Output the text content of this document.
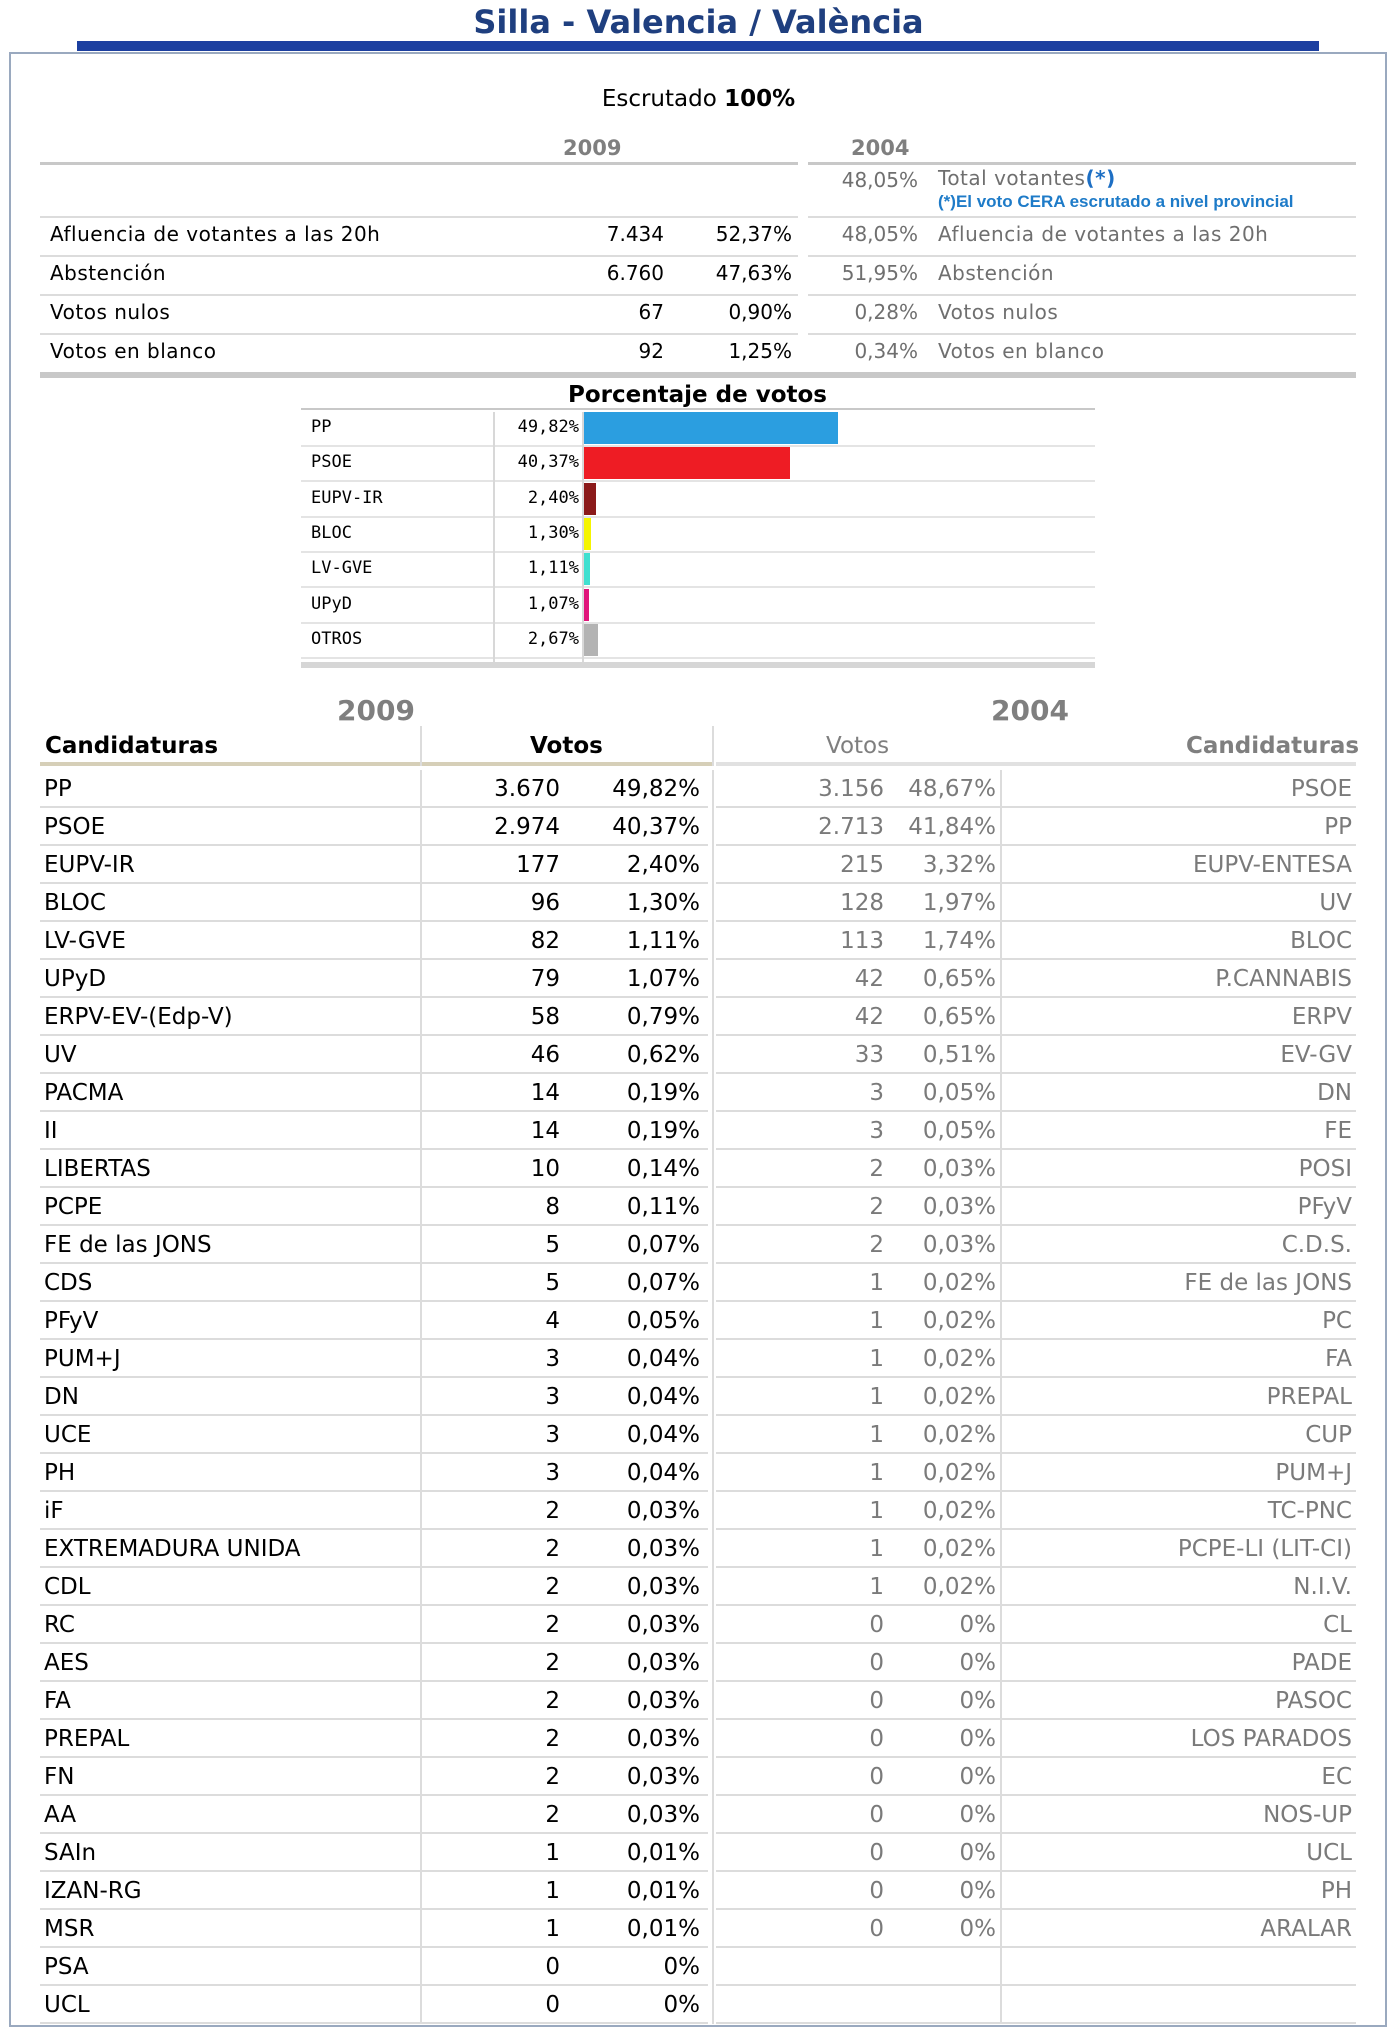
Silla - Valencia / València
Escrutado 100%
2009	2004
48,05% Total votantes(*)
(*)El voto CERA escrutado a nivel provincial
Porcentaje de votos
PP	49,82%
PSOE	40,37%
EUPV-IR	2,40%
BLOC	1,30%
LV-GVE	1,11%
UPyD	1,07%
OTROS	2,67%
2009	2004
Candidaturas	Votos	Votos	Candidaturas
PP	3.670	49,82%	3.156	48,67%	PSOE
PSOE	2.974	40,37%	2.713	41,84%	PP
EUPV-IR	177	2,40%	215	3,32%	EUPV-ENTESA
BLOC	96	1,30%	128	1,97%	UV
LV-GVE	82	1,11%	113	1,74%	BLOC
UPyD	79	1,07%	42	0,65%	P.CANNABIS
ERPV-EV-(Edp-V)	58	0,79%	42	0,65%	ERPV
UV	46	0,62%	33	0,51%	EV-GV
PACMA	14	0,19%	3	0,05%	DN
II	14	0,19%	3	0,05%	FE
LIBERTAS	10	0,14%	2	0,03%	POSI
PCPE	8	0,11%	2	0,03%	PFyV
FE de las JONS	5	0,07%	2	0,03%	C.D.S.
CDS	5	0,07%	1	0,02%	FE de las JONS
PFyV	4	0,05%	1	0,02%	PC
PUM+J	3	0,04%	1	0,02%	FA
DN	3	0,04%	1	0,02%	PREPAL
UCE	3	0,04%	1	0,02%	CUP
PH	3	0,04%	1	0,02%	PUM+J
iF	2	0,03%	1	0,02%	TC-PNC
EXTREMADURA UNIDA	2	0,03%	1	0,02%	PCPE-LI (LIT-CI)
CDL	2	0,03%	1	0,02%	N.I.V.
RC	2	0,03%	0	0%	CL
AES	2	0,03%	0	0%	PADE
FA	2	0,03%	0	0%	PASOC
PREPAL	2	0,03%	0	0%	LOS PARADOS
FN	2	0,03%	0	0%	EC
AA	2	0,03%	0	0%	NOS-UP
SAIn	1	0,01%	0	0%	UCL
IZAN-RG	1	0,01%	0	0%	PH
MSR	1	0,01%	0	0%	ARALAR
PSA	0	0%
UCL	0	0%
Afluencia de votantes a las 20h	7.434	52,37%	48,05% Afluencia de votantes a las 20h
Abstención	6.760	47,63%	51,95% Abstención
Votos nulos	67	0,90%	0,28% Votos nulos
Votos en blanco	92	1,25%	0,34% Votos en blanco
